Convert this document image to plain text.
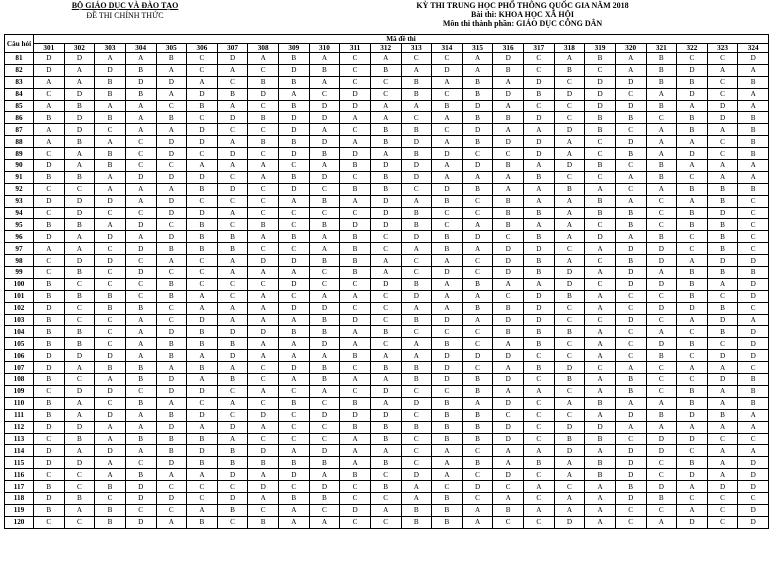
BỘ GIÁO DỤC VÀ ĐÀO TẠO
ĐỀ THI CHÍNH THỨC
KỲ THI TRUNG HỌC PHỔ THÔNG QUỐC GIA NĂM 2018
Bài thi: KHOA HỌC XÃ HỘI
Môn thi thành phần: GIÁO DỤC CÔNG DÂN
Câu hỏi	Mã đề thi																							
	301	302	303	304	305	306	307	308	309	310	311	312	313	314	315	316	317	318	319	320	321	322	323	324
81	D	D	A	A	B	C	D	A	B	A	C	A	C	C	A	D	C	A	B	A	B	C	C	D
82	D	A	D	B	A	C	A	C	D	B	C	B	A	D	A	B	C	B	C	A	B	D	A	A
83	A	A	B	D	D	A	C	B	B	A	C	C	B	A	B	A	D	C	D	D	B	B	C	B
84	C	D	B	B	A	D	B	D	A	C	D	C	B	C	B	D	B	D	D	C	A	D	C	A
85	A	B	A	A	C	B	A	C	B	D	D	A	A	B	D	A	C	C	D	D	B	A	D	A
86	B	D	B	A	B	C	D	B	D	D	A	A	C	A	B	B	D	C	B	B	C	B	D	B
87	A	D	C	A	A	D	C	C	D	A	C	B	B	C	D	A	A	D	B	C	A	B	A	B
88	A	B	A	C	D	D	A	B	B	D	A	B	D	A	B	D	D	A	C	D	A	A	C	B
89	C	A	B	C	D	C	D	C	D	B	D	A	B	D	C	C	D	A	C	B	A	D	C	B
90	D	A	B	C	C	A	A	A	C	A	B	D	D	A	D	B	A	D	B	C	B	A	A	A
91	B	B	A	D	D	D	C	A	B	D	C	B	D	A	A	A	B	C	C	A	B	C	A	A
92	C	C	A	A	A	B	D	C	D	C	B	B	C	D	B	A	A	B	A	C	A	B	B	B
93	D	D	D	A	D	C	C	C	A	B	A	D	A	B	C	B	A	A	B	A	C	A	B	C
94	C	D	C	C	D	D	A	C	C	C	C	D	B	C	C	B	B	A	B	B	C	B	D	C
95	B	B	A	D	C	B	C	B	C	B	D	D	B	C	A	B	A	A	C	B	C	B	B	C
96	D	A	D	A	D	B	B	A	B	A	B	C	D	B	D	C	B	A	D	A	B	C	B	C
97	A	A	C	D	B	B	B	C	C	A	B	C	A	B	A	D	D	C	A	D	D	C	B	C
98	C	D	D	C	A	C	A	D	D	B	B	A	C	A	C	D	B	A	C	B	D	A	D	D
99	C	B	C	D	C	C	A	A	A	C	B	A	C	D	C	D	B	D	A	D	A	B	B	B
100	B	C	C	C	B	C	C	C	D	C	C	D	B	A	B	A	A	D	C	D	D	B	A	D
101	B	B	B	C	B	A	C	A	C	A	A	C	D	A	A	C	D	B	A	C	C	B	C	D
102	D	C	B	B	C	A	A	A	D	D	C	C	A	A	B	B	D	C	A	C	D	D	B	C
103	B	C	C	A	C	D	A	A	A	B	D	C	B	D	A	D	D	C	C	D	C	A	D	A
104	B	B	C	A	D	B	D	D	B	B	A	B	C	C	C	B	B	B	A	C	A	C	B	D
105	B	B	C	A	B	B	B	A	A	D	A	C	A	B	C	A	B	C	A	C	D	B	C	D
106	D	D	D	A	B	A	D	A	A	A	B	A	A	D	D	D	C	C	A	C	B	C	D	D
107	D	A	B	B	A	B	A	C	D	B	C	B	B	D	C	A	B	D	C	A	C	A	A	C
108	B	C	A	B	D	A	B	C	A	B	A	A	B	D	B	D	C	B	A	B	C	C	D	B
109	C	D	D	C	D	D	C	A	C	A	C	D	C	C	B	A	A	C	A	B	C	B	A	B
110	B	A	C	B	A	C	A	C	B	C	B	A	D	B	A	D	C	A	B	A	A	B	A	B
111	B	A	D	A	B	D	C	D	C	D	D	D	C	B	B	C	C	C	A	D	B	D	B	A
112	D	D	A	A	D	A	D	A	C	C	B	B	B	B	B	D	C	D	D	A	A	A	A	A
113	C	B	A	B	B	B	A	C	C	C	A	B	C	B	B	D	C	B	B	C	D	D	C	C
114	D	A	D	A	B	D	B	D	A	D	A	A	C	A	C	A	A	D	A	D	D	C	A	A
115	D	D	A	C	D	B	B	B	B	B	A	B	C	A	B	A	B	A	B	D	C	B	A	D
116	C	C	A	B	A	A	D	A	D	A	B	C	D	A	C	D	C	A	B	D	C	D	A	D
117	B	C	B	D	C	C	C	D	C	D	C	B	A	C	D	C	A	C	A	B	D	A	D	D
118	D	B	C	D	D	C	D	A	B	B	C	C	A	B	C	A	C	A	A	D	B	C	C	C
119	B	A	B	C	C	A	B	C	A	C	D	A	B	B	A	B	A	A	A	C	C	A	C	D
120	C	C	B	D	A	B	C	B	A	A	C	C	B	B	A	C	C	D	A	C	A	D	C	D
